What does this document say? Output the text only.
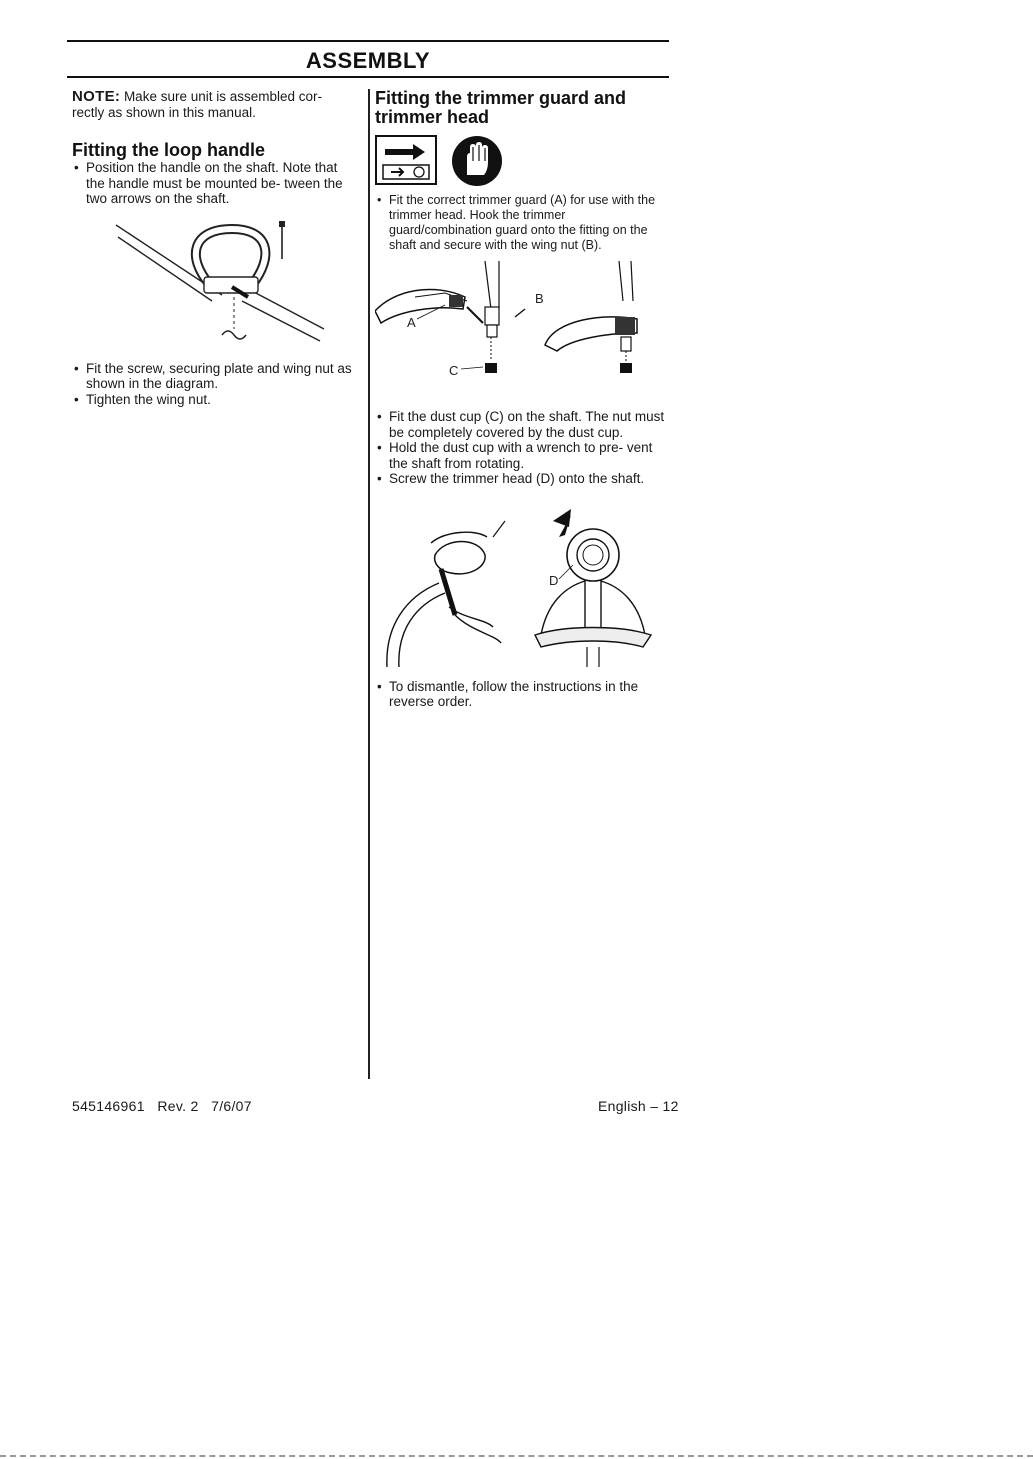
ASSEMBLY

NOTE: Make sure unit is assembled cor-
rectly as shown in this manual.

Fitting the loop handle
• Position the handle on the shaft. Note that the handle must be mounted be- tween the two arrows on the shaft.
• Fit the screw, securing plate and wing nut as shown in the diagram.
• Tighten the wing nut.
Fitting the trimmer guard and trimmer head
• Fit the correct trimmer guard (A) for use with the trimmer head. Hook the trimmer guard/combination guard onto the fitting on the shaft and secure with the wing nut (B).
B
A
C
• Fit the dust cup (C) on the shaft. The nut must be completely covered by the dust cup.
• Hold the dust cup with a wrench to pre- vent the shaft from rotating.
• Screw the trimmer head (D) onto the shaft.
D
• To dismantle, follow the instructions in the reverse order.
545146961   Rev. 2   7/6/07	English – 12
